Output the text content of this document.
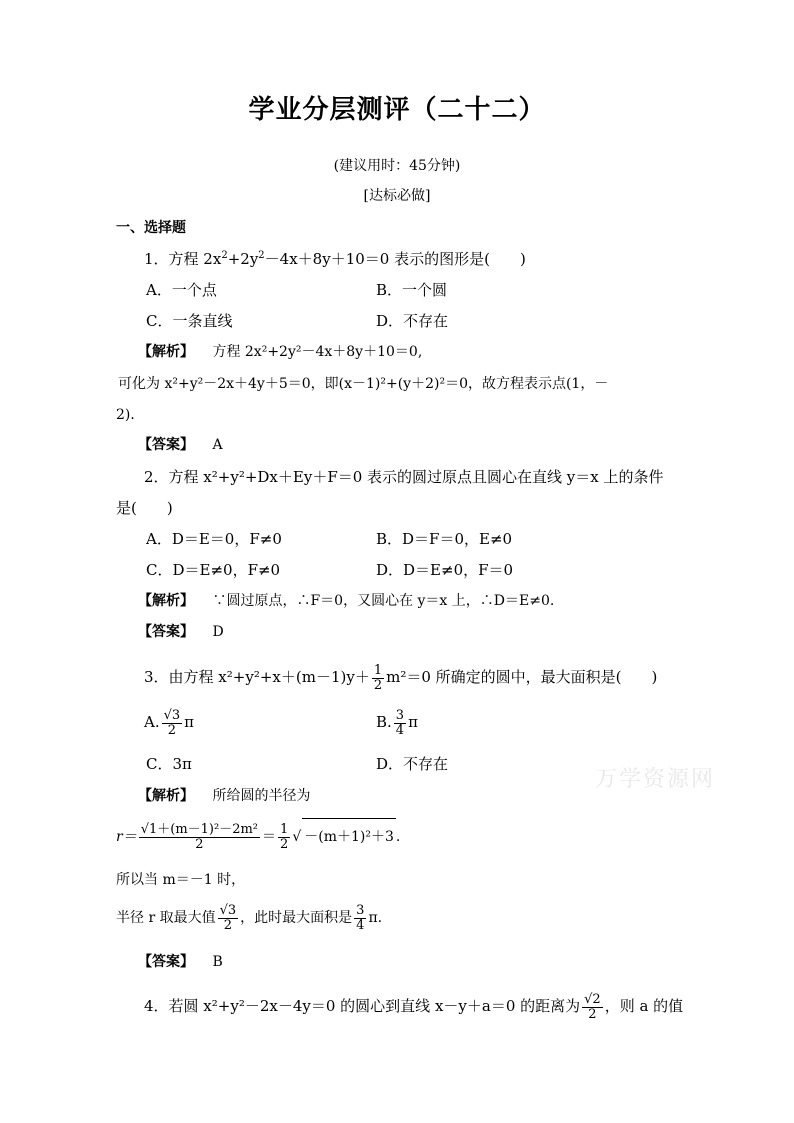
学业分层测评（二十二）
(建议用时：45分钟)
[达标必做]
一、选择题
1．方程 $2x^2+2y^2-4x+8y+10=0$ 表示的图形是(　　)
A．一个点	B．一个圆
C．一条直线	D．不存在
【解析】 方程 2x²+2y²－4x＋8y＋10＝0,
可化为 x²+y²－2x＋4y＋5＝0，即(x－1)²+(y＋2)²＝0，故方程表示点(1，－
2)．
【答案】 A
2．方程 x²+y²+Dx＋Ey＋F＝0 表示的圆过原点且圆心在直线 y＝x 上的条件
是(　　)
A．D＝E＝0，F≠0	B．D＝F＝0，E≠0
C．D＝E≠0，F≠0	D．D＝E≠0，F＝0
【解析】 ∵圆过原点，∴F＝0，又圆心在 y＝x 上，∴D＝E≠0.
【答案】 D
3．由方程 $x^2+y^2+x+(m-1)y+ \frac{1}{2} m^2=0$ 所确定的圆中，最大面积是(　　)
A. $\frac{√3}{2}$ π	B. $\frac{3}{4}$ π
C．3π	D．不存在
【解析】 所给圆的半径为
$r= \frac{\text{√1＋(m－1)²－2m²}}{2} = \frac{1}{2}$ √ －(m＋1)²＋3 .
所以当 m＝－1 时，
半径 r 取最大值 $\frac{√3}{2}$ ，此时最大面积是 $\frac{3}{4} \pi$.
【答案】 B
4．若圆 x²+y²－2x－4y＝0 的圆心到直线 x－y＋a＝0 的距离为 $\frac{√2}{2}$ ，则 a 的值
万学资源网
